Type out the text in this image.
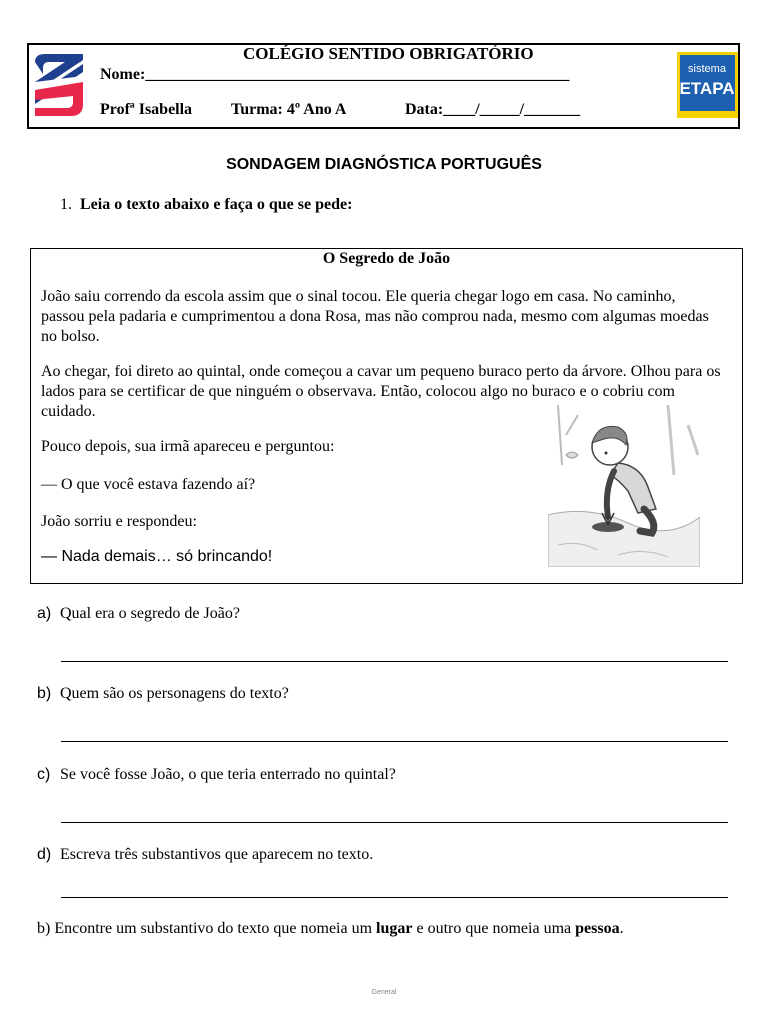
COLÉGIO SENTIDO OBRIGATÓRIO
Nome:_____________________________________________________
Profª Isabella Turma: 4º Ano A	Data:____/_____/_______
sistema
ETAPA
SONDAGEM DIAGNÓSTICA PORTUGUÊS
1. Leia o texto abaixo e faça o que se pede:
O Segredo de João

João saiu correndo da escola assim que o sinal tocou. Ele queria chegar logo em casa. No caminho, passou pela padaria e cumprimentou a dona Rosa, mas não comprou nada, mesmo com algumas moedas no bolso.

Ao chegar, foi direto ao quintal, onde começou a cavar um pequeno buraco perto da árvore. Olhou para os lados para se certificar de que ninguém o observava. Então, colocou algo no buraco e o cobriu com cuidado.

Pouco depois, sua irmã apareceu e perguntou:

— O que você estava fazendo aí?

João sorriu e respondeu:

— Nada demais… só brincando!

a) Qual era o segredo de João?
b) Quem são os personagens do texto?
c) Se você fosse João, o que teria enterrado no quintal?
d) Escreva três substantivos que aparecem no texto.
b) Encontre um substantivo do texto que nomeia um lugar e outro que nomeia uma pessoa.
General
